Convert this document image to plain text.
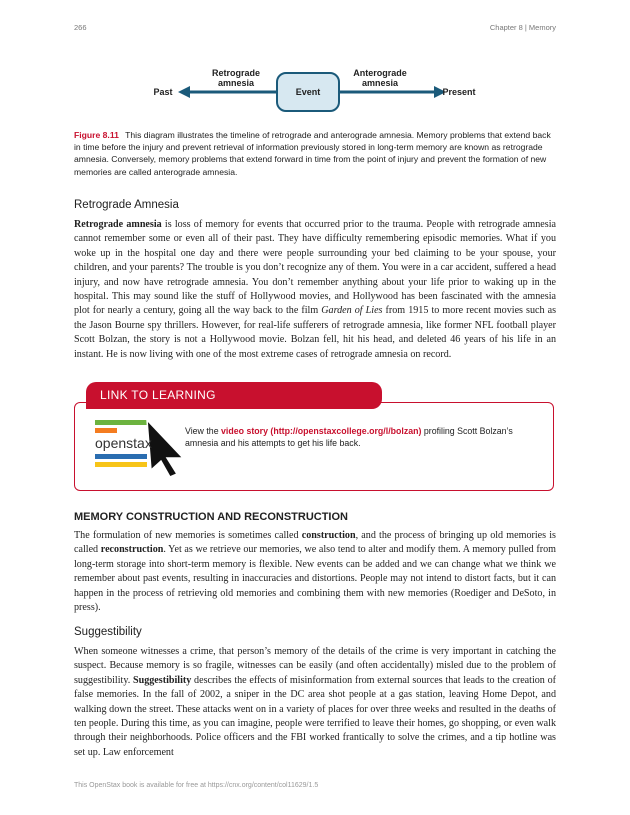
266	Chapter 8 | Memory
Past	Present
Event
Retrograde
amnesia
Anterograde
amnesia
Figure 8.11 This diagram illustrates the timeline of retrograde and anterograde amnesia. Memory problems that extend back in time before the injury and prevent retrieval of information previously stored in long-term memory are known as retrograde amnesia. Conversely, memory problems that extend forward in time from the point of injury and prevent the formation of new memories are called anterograde amnesia.
Retrograde Amnesia

Retrograde amnesia is loss of memory for events that occurred prior to the trauma. People with retrograde amnesia cannot remember some or even all of their past. They have difficulty remembering episodic memories. What if you woke up in the hospital one day and there were people surrounding your bed claiming to be your spouse, your children, and your parents? The trouble is you don’t recognize any of them. You were in a car accident, suffered a head injury, and now have retrograde amnesia. You don’t remember anything about your life prior to waking up in the hospital. This may sound like the stuff of Hollywood movies, and Hollywood has been fascinated with the amnesia plot for nearly a century, going all the way back to the film Garden of Lies from 1915 to more recent movies such as the Jason Bourne spy thrillers. However, for real-life sufferers of retrograde amnesia, like former NFL football player Scott Bolzan, the story is not a Hollywood movie. Bolzan fell, hit his head, and deleted 46 years of his life in an instant. He is now living with one of the most extreme cases of retrograde amnesia on record.

LINK TO LEARNING
openstax
View the video story (http://openstaxcollege.org/l/bolzan) profiling Scott Bolzan’s amnesia and his attempts to get his life back.
MEMORY CONSTRUCTION AND RECONSTRUCTION

The formulation of new memories is sometimes called construction, and the process of bringing up old memories is called reconstruction. Yet as we retrieve our memories, we also tend to alter and modify them. A memory pulled from long-term storage into short-term memory is flexible. New events can be added and we can change what we think we remember about past events, resulting in inaccuracies and distortions. People may not intend to distort facts, but it can happen in the process of retrieving old memories and combining them with new memories (Roediger and DeSoto, in press).

Suggestibility

When someone witnesses a crime, that person’s memory of the details of the crime is very important in catching the suspect. Because memory is so fragile, witnesses can be easily (and often accidentally) misled due to the problem of suggestibility. Suggestibility describes the effects of misinformation from external sources that leads to the creation of false memories. In the fall of 2002, a sniper in the DC area shot people at a gas station, leaving Home Depot, and walking down the street. These attacks went on in a variety of places for over three weeks and resulted in the deaths of ten people. During this time, as you can imagine, people were terrified to leave their homes, go shopping, or even walk through their neighborhoods. Police officers and the FBI worked frantically to solve the crimes, and a tip hotline was set up. Law enforcement

This OpenStax book is available for free at https://cnx.org/content/col11629/1.5
